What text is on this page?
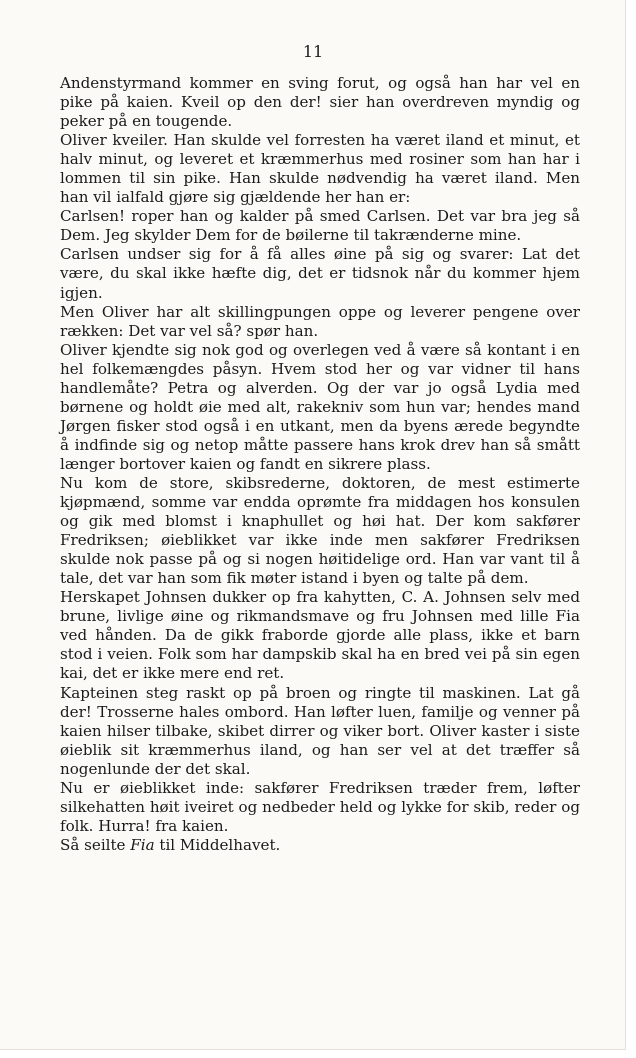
11

Andenstyrmand kommer en sving forut, og også han har vel en pike på kaien. Kveil op den der! sier han overdreven myndig og peker på en tougende.

Oliver kveiler. Han skulde vel forresten ha været iland et minut, et halv minut, og leveret et kræmmerhus med rosiner som han har i lommen til sin pike. Han skulde nødvendig ha været iland. Men han vil ialfald gjøre sig gjældende her han er:

Carlsen! roper han og kalder på smed Carlsen. Det var bra jeg så Dem. Jeg skylder Dem for de bøilerne til takrænderne mine.

Carlsen undser sig for å få alles øine på sig og svarer: Lat det være, du skal ikke hæfte dig, det er tidsnok når du kommer hjem igjen.

Men Oliver har alt skillingpungen oppe og leverer pengene over rækken: Det var vel så? spør han.

Oliver kjendte sig nok god og overlegen ved å være så kontant i en hel folkemængdes påsyn. Hvem stod her og var vidner til hans handlemåte? Petra og alverden. Og der var jo også Lydia med børnene og holdt øie med alt, rakekniv som hun var; hendes mand Jørgen fisker stod også i en utkant, men da byens ærede begyndte å indfinde sig og netop måtte passere hans krok drev han så smått længer bortover kaien og fandt en sikrere plass.

Nu kom de store, skibsrederne, doktoren, de mest estimerte kjøpmænd, somme var endda oprømte fra middagen hos konsulen og gik med blomst i knaphullet og høi hat. Der kom sakfører Fredriksen; øieblikket var ikke inde men sakfører Fredriksen skulde nok passe på og si nogen høitidelige ord. Han var vant til å tale, det var han som fik møter istand i byen og talte på dem.

Herskapet Johnsen dukker op fra kahytten, C. A. Johnsen selv med brune, livlige øine og rikmandsmave og fru Johnsen med lille Fia ved hånden. Da de gikk fraborde gjorde alle plass, ikke et barn stod i veien. Folk som har dampskib skal ha en bred vei på sin egen kai, det er ikke mere end ret.

Kapteinen steg raskt op på broen og ringte til maskinen. Lat gå der! Trosserne hales ombord. Han løfter luen, familje og venner på kaien hilser tilbake, skibet dirrer og viker bort. Oliver kaster i siste øieblik sit kræmmerhus iland, og han ser vel at det træffer så nogenlunde der det skal.

Nu er øieblikket inde: sakfører Fredriksen træder frem, løfter silkehatten høit iveiret og nedbeder held og lykke for skib, reder og folk. Hurra! fra kaien.

Så seilte Fia til Middelhavet.
